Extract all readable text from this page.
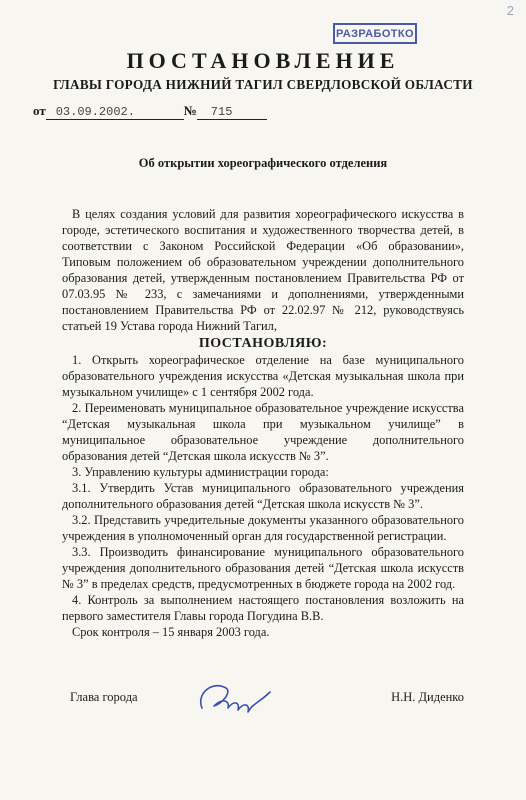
2
РАЗРАБОТКО
ПОСТАНОВЛЕНИЕ
ГЛАВЫ ГОРОДА НИЖНИЙ ТАГИЛ СВЕРДЛОВСКОЙ ОБЛАСТИ
от 03.09.2002.	№ 715
Об открытии хореографического отделения

В целях создания условий для развития хореографического искусства в городе, эстетического воспитания и художественного творчества детей, в соответствии с Законом Российской Федерации «Об образовании», Типовым положением об образовательном учреждении дополнительного образования детей, утвержденным постановлением Правительства РФ от 07.03.95 № 233, с замечаниями и дополнениями, утвержденными постановлением Правительства РФ от 22.02.97 № 212, руководствуясь статьей 19 Устава города Нижний Тагил,

ПОСТАНОВЛЯЮ:

1. Открыть хореографическое отделение на базе муниципального образовательного учреждения искусства «Детская музыкальная школа при музыкальном училище» с 1 сентября 2002 года.

2. Переименовать муниципальное образовательное учреждение искусства “Детская музыкальная школа при музыкальном училище” в муниципальное образовательное учреждение дополнительного образования детей “Детская школа искусств № 3”.

3. Управлению культуры администрации города:

3.1. Утвердить Устав муниципального образовательного учреждения дополнительного образования детей “Детская школа искусств № 3”.

3.2. Представить учредительные документы указанного образовательного учреждения в уполномоченный орган для государственной регистрации.

3.3. Производить финансирование муниципального образовательного учреждения дополнительного образования детей “Детская школа искусств № 3” в пределах средств, предусмотренных в бюджете города на 2002 год.

4. Контроль за выполнением настоящего постановления возложить на первого заместителя Главы города Погудина В.В.

Срок контроля – 15 января 2003 года.

Глава города	Н.Н. Диденко
